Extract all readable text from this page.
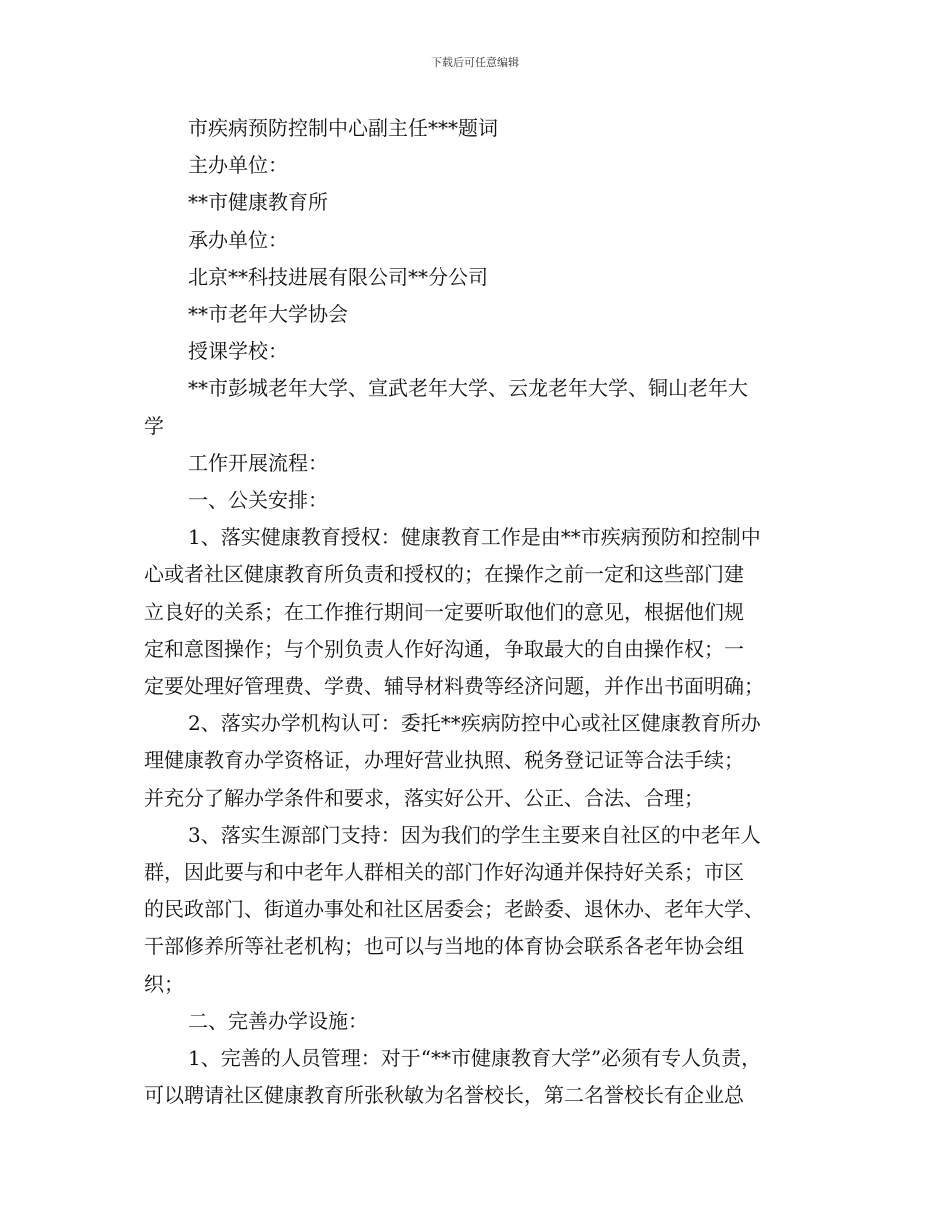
下载后可任意编辑

市疾病预防控制中心副主任***题词

主办单位：

**市健康教育所

承办单位：

北京**科技进展有限公司**分公司

**市老年大学协会

授课学校：

**市彭城老年大学、宣武老年大学、云龙老年大学、铜山老年大

学

工作开展流程：

一、公关安排：

1、落实健康教育授权：健康教育工作是由**市疾病预防和控制中

心或者社区健康教育所负责和授权的；在操作之前一定和这些部门建

立良好的关系；在工作推行期间一定要听取他们的意见，根据他们规

定和意图操作；与个别负责人作好沟通，争取最大的自由操作权；一

定要处理好管理费、学费、辅导材料费等经济问题，并作出书面明确；

2、落实办学机构认可：委托**疾病防控中心或社区健康教育所办

理健康教育办学资格证，办理好营业执照、税务登记证等合法手续；

并充分了解办学条件和要求，落实好公开、公正、合法、合理；

3、落实生源部门支持：因为我们的学生主要来自社区的中老年人

群，因此要与和中老年人群相关的部门作好沟通并保持好关系；市区

的民政部门、街道办事处和社区居委会；老龄委、退休办、老年大学、

干部修养所等社老机构；也可以与当地的体育协会联系各老年协会组

织；

二、完善办学设施：

1、完善的人员管理：对于“**市健康教育大学”必须有专人负责，

可以聘请社区健康教育所张秋敏为名誉校长，第二名誉校长有企业总
